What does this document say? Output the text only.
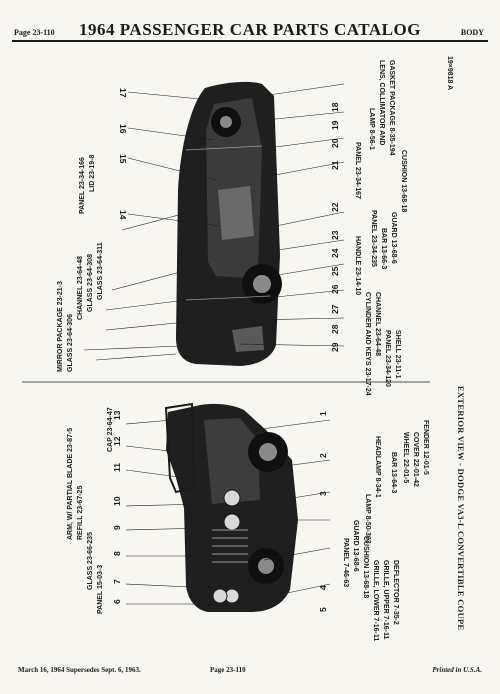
Page 23-110	1964 PASSENGER CAR PARTS CATALOG	BODY
17
16
15
14
22
23
24
25
26
27
28
29
18
19
20
21
MIRROR PACKAGE 23-21-3 GLASS 23-64-306
CHANNEL 23-64-48 GLASS 23-64-308 GLASS 23-64-311
PANEL 23-34-166 LID 23-19-8
HANDLE 23-14-10
CYLINDER AND KEYS 23-17-24 CHANNEL 23-64-48
PANEL 23-34-120 SHELL 23-11-1
PANEL 23-34-235 BAR 13-66-3 GUARD 13-68-6
CUSHION 13-68-18
LENS, COLLIMATOR AND GASKET PACKAGE 8-35-194
LAMP 8-56-1
PANEL 23-34-167
6
7
8
9
10
11
12
13	1
2
3
4
5
ARM, W/ PARTIAL BLADE 23-87-5 REFILL 23-67-25
GLASS 23-66-235 PANEL 15-03-3
CAP 23-64-47
PANEL 7-46-63 GUARD 13-68-6 CUSHION 13-68-18 GRILLE, LOWER 7-16-11 GRILLE, UPPER 7-16-11 DEFLECTOR 7-35-2
LAMP 8-50-303
HEADLAMP 8-34-1 BAR 13-64-3 WHEEL 22-01-5 COVER 22-01-42 FENDER 12-01-5
19×9818 A
EXTERIOR VIEW - DODGE VA3-L CONVERTIBLE COUPE
March 16, 1964 Supersedes Sept. 6, 1963.	Page 23-110	Printed in U.S.A.
